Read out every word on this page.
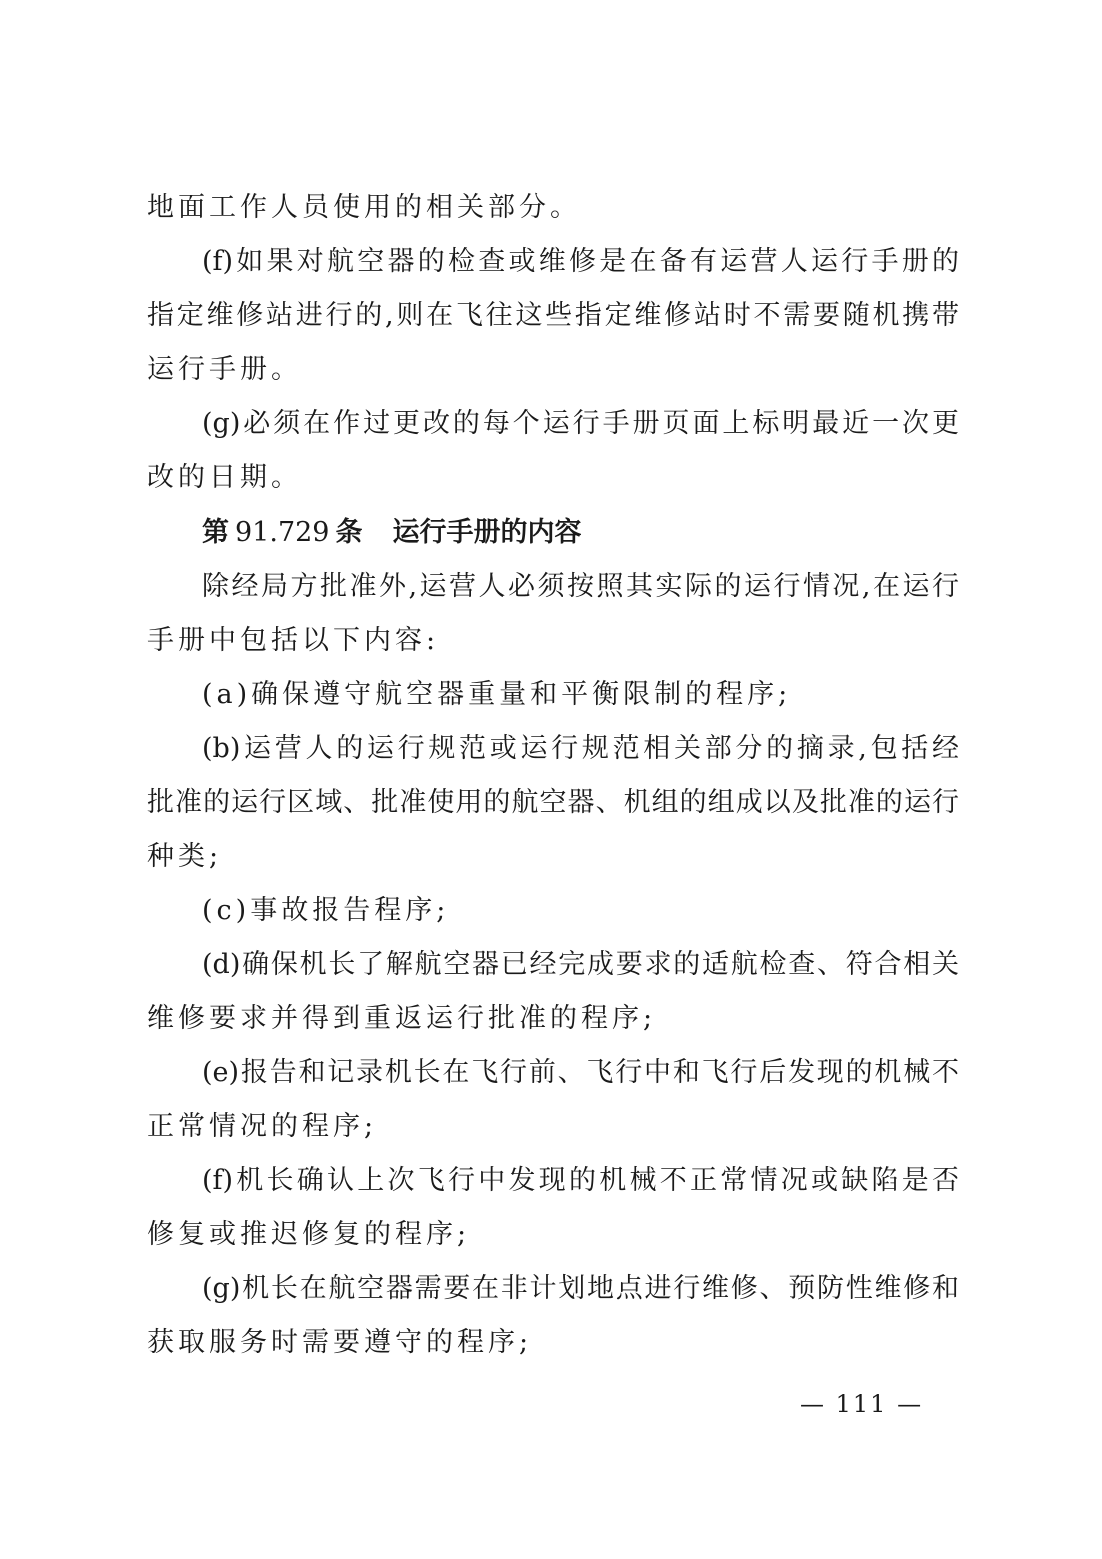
地面工作人员使用的相关部分。
(f)如果对航空器的检查或维修是在备有运营人运行手册的
指定维修站进行的,则在飞往这些指定维修站时不需要随机携带
运行手册。
(g)必须在作过更改的每个运行手册页面上标明最近一次更
改的日期。
第 91.729 条 运行手册的内容
除经局方批准外,运营人必须按照其实际的运行情况,在运行
手册中包括以下内容:
(a)确保遵守航空器重量和平衡限制的程序;
(b)运营人的运行规范或运行规范相关部分的摘录,包括经
批准的运行区域、批准使用的航空器、机组的组成以及批准的运行
种类;
(c)事故报告程序;
(d)确保机长了解航空器已经完成要求的适航检查、符合相关
维修要求并得到重返运行批准的程序;
(e)报告和记录机长在飞行前、飞行中和飞行后发现的机械不
正常情况的程序;
(f)机长确认上次飞行中发现的机械不正常情况或缺陷是否
修复或推迟修复的程序;
(g)机长在航空器需要在非计划地点进行维修、预防性维修和
获取服务时需要遵守的程序;
— 111 —
